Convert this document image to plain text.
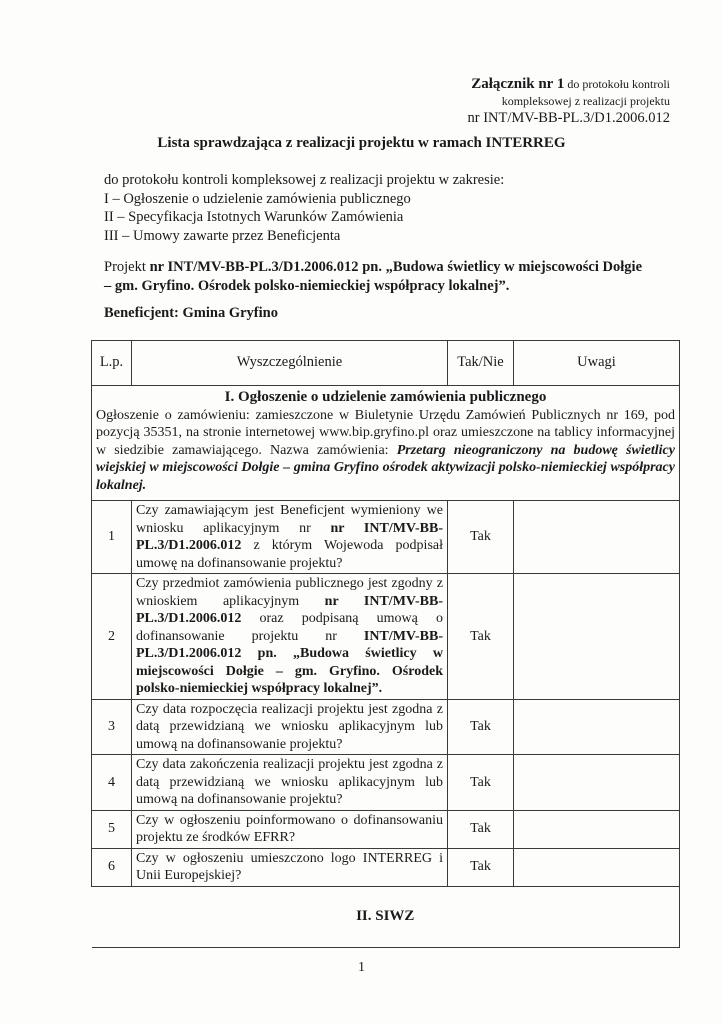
Załącznik nr 1 do protokołu kontroli
kompleksowej z realizacji projektu
nr INT/MV-BB-PL.3/D1.2006.012
Lista sprawdzająca z realizacji projektu w ramach INTERREG
do protokołu kontroli kompleksowej z realizacji projektu w zakresie:
I – Ogłoszenie o udzielenie zamówienia publicznego
II – Specyfikacja Istotnych Warunków Zamówienia
III – Umowy zawarte przez Beneficjenta
Projekt nr INT/MV-BB-PL.3/D1.2006.012 pn. „Budowa świetlicy w miejscowości Dołgie – gm. Gryfino. Ośrodek polsko-niemieckiej współpracy lokalnej”.
Beneficjent: Gmina Gryfino
L.p.	Wyszczególnienie	Tak/Nie	Uwagi

I. Ogłoszenie o udzielenie zamówienia publicznego
Ogłoszenie o zamówieniu: zamieszczone w Biuletynie Urzędu Zamówień Publicznych nr 169, pod pozycją 35351, na stronie internetowej www.bip.gryfino.pl oraz umieszczone na tablicy informacyjnej w siedzibie zamawiającego. Nazwa zamówienia: Przetarg nieograniczony na budowę świetlicy wiejskiej w miejscowości Dołgie – gmina Gryfino ośrodek aktywizacji polsko-niemieckiej współpracy lokalnej.			

1	Czy zamawiającym jest Beneficjent wymieniony we wniosku aplikacyjnym nr nr INT/MV-BB-PL.3/D1.2006.012 z którym Wojewoda podpisał umowę na dofinansowanie projektu?	Tak	
2	Czy przedmiot zamówienia publicznego jest zgodny z wnioskiem aplikacyjnym nr INT/MV-BB-PL.3/D1.2006.012 oraz podpisaną umową o dofinansowanie projektu nr INT/MV-BB-PL.3/D1.2006.012 pn. „Budowa świetlicy w miejscowości Dołgie – gm. Gryfino. Ośrodek polsko-niemieckiej współpracy lokalnej”.	Tak	
3	Czy data rozpoczęcia realizacji projektu jest zgodna z datą przewidzianą we wniosku aplikacyjnym lub umową na dofinansowanie projektu?	Tak	
4	Czy data zakończenia realizacji projektu jest zgodna z datą przewidzianą we wniosku aplikacyjnym lub umową na dofinansowanie projektu?	Tak	
5	Czy w ogłoszeniu poinformowano o dofinansowaniu projektu ze środków EFRR?	Tak	
6	Czy w ogłoszeniu umieszczono logo INTERREG i Unii Europejskiej?	Tak	
II. SIWZ			
1
